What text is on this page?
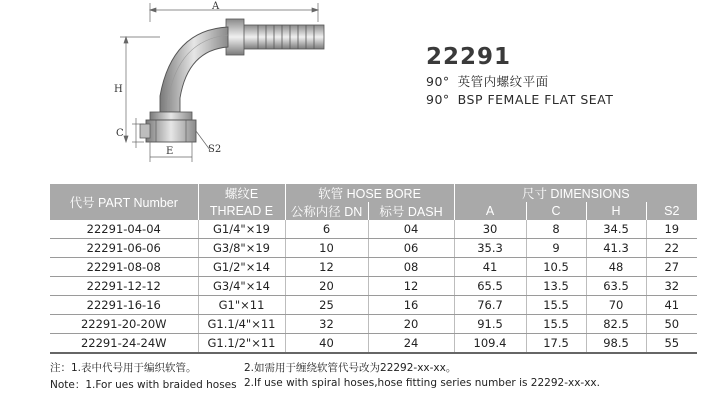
A
H
C
E	S2
22291
90° 英管内螺纹平面
90° BSP FEMALE FLAT SEAT
代号 PART Number	螺纹E	软管 HOSE BORE		尺寸 DIMENSIONS			
	THREAD E	公称内径 DN	标号 DASH	A	C	H	S2
22291-04-04	G1/4"×19	6	04	30	8	34.5	19
22291-06-06	G3/8"×19	10	06	35.3	9	41.3	22
22291-08-08	G1/2"×14	12	08	41	10.5	48	27
22291-12-12	G3/4"×14	20	12	65.5	13.5	63.5	32
22291-16-16	G1"×11	25	16	76.7	15.5	70	41
22291-20-20W	G1.1/4"×11	32	20	91.5	15.5	82.5	50
22291-24-24W	G1.1/2"×11	40	24	109.4	17.5	98.5	55
注：1.表中代号用于编织软管。	2.如需用于缠绕软管代号改为22292-xx-xx。
Note：1.For ues with braided hoses 2.If use with spiral hoses,hose fitting series number is 22292-xx-xx.
